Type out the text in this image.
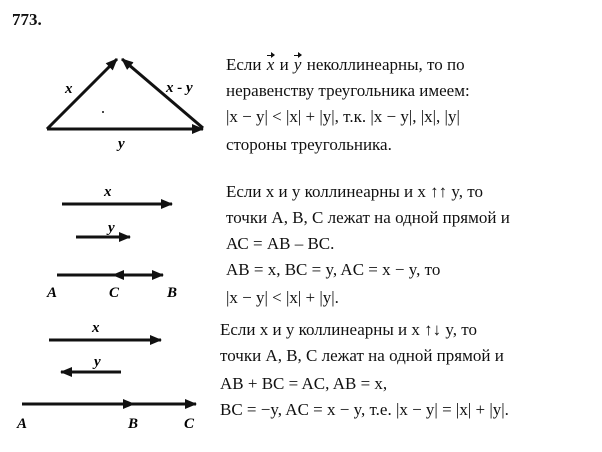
773.
x	x - y
y
x
y
A	C	B
x
y
A	B	C
Если x и y неколлинеарны, то по
неравенству треугольника имеем:
|x − y| < |x| + |y|, т.к. |x − y|, |x|, |y|
стороны треугольника.
Если x и y коллинеарны и x ↑↑ y, то
точки А, В, С лежат на одной прямой и
АС = АВ – ВС.
AB = x, BC = y, AC = x − y, то
|x − y| < |x| + |y|.
Если x и y коллинеарны и x ↑↓ y, то
точки А, В, С лежат на одной прямой и
AB + BC = AC, AB = x,
BC = −y, AC = x − y, т.е. |x − y| = |x| + |y|.
